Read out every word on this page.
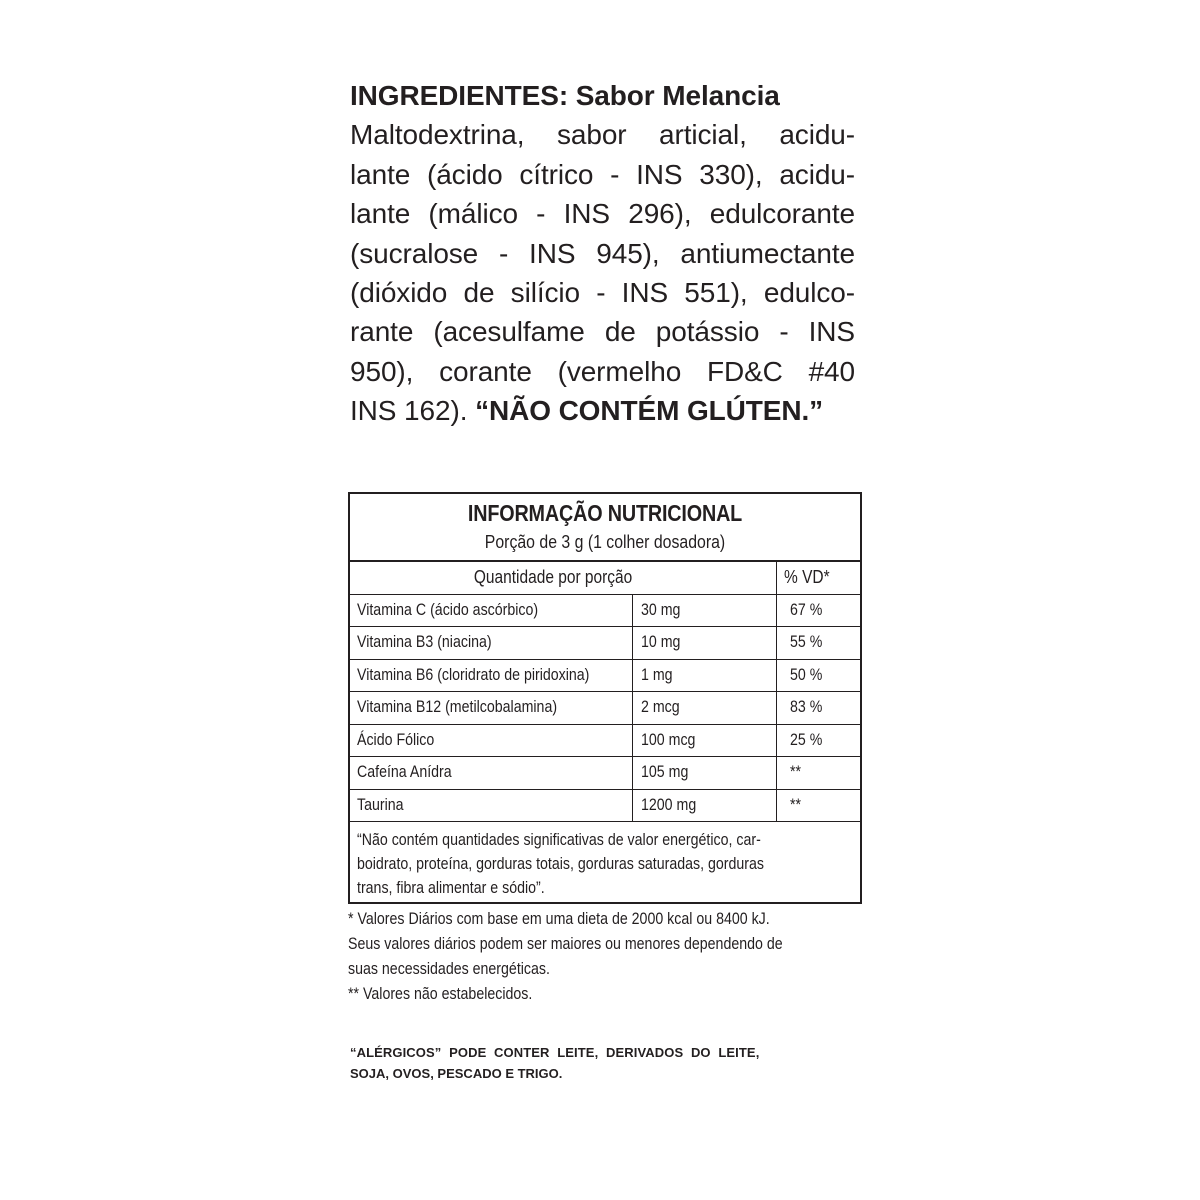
INGREDIENTES: Sabor Melancia
Maltodextrina, sabor articial, acidu-
lante (ácido cítrico - INS 330), acidu-
lante (málico - INS 296), edulcorante
(sucralose - INS 945), antiumectante
(dióxido de silício - INS 551), edulco-
rante (acesulfame de potássio - INS
950), corante (vermelho FD&C #40
INS 162). “NÃO CONTÉM GLÚTEN.”
INFORMAÇÃO NUTRICIONAL
Porção de 3 g (1 colher dosadora)
Quantidade por porção	% VD*
Vitamina C (ácido ascórbico)	30 mg	67 %
Vitamina B3 (niacina)	10 mg	55 %
Vitamina B6 (cloridrato de piridoxina)	1 mg	50 %
Vitamina B12 (metilcobalamina)	2 mcg	83 %
Ácido Fólico	100 mcg	25 %
Cafeína Anídra	105 mg	**
Taurina	1200 mg	**
“Não contém quantidades significativas de valor energético, car-
boidrato, proteína, gorduras totais, gorduras saturadas, gorduras
trans, fibra alimentar e sódio”.
* Valores Diários com base em uma dieta de 2000 kcal ou 8400 kJ.
Seus valores diários podem ser maiores ou menores dependendo de
suas necessidades energéticas.
** Valores não estabelecidos.
“ALÉRGICOS” PODE CONTER LEITE, DERIVADOS DO LEITE,
SOJA, OVOS, PESCADO E TRIGO.
